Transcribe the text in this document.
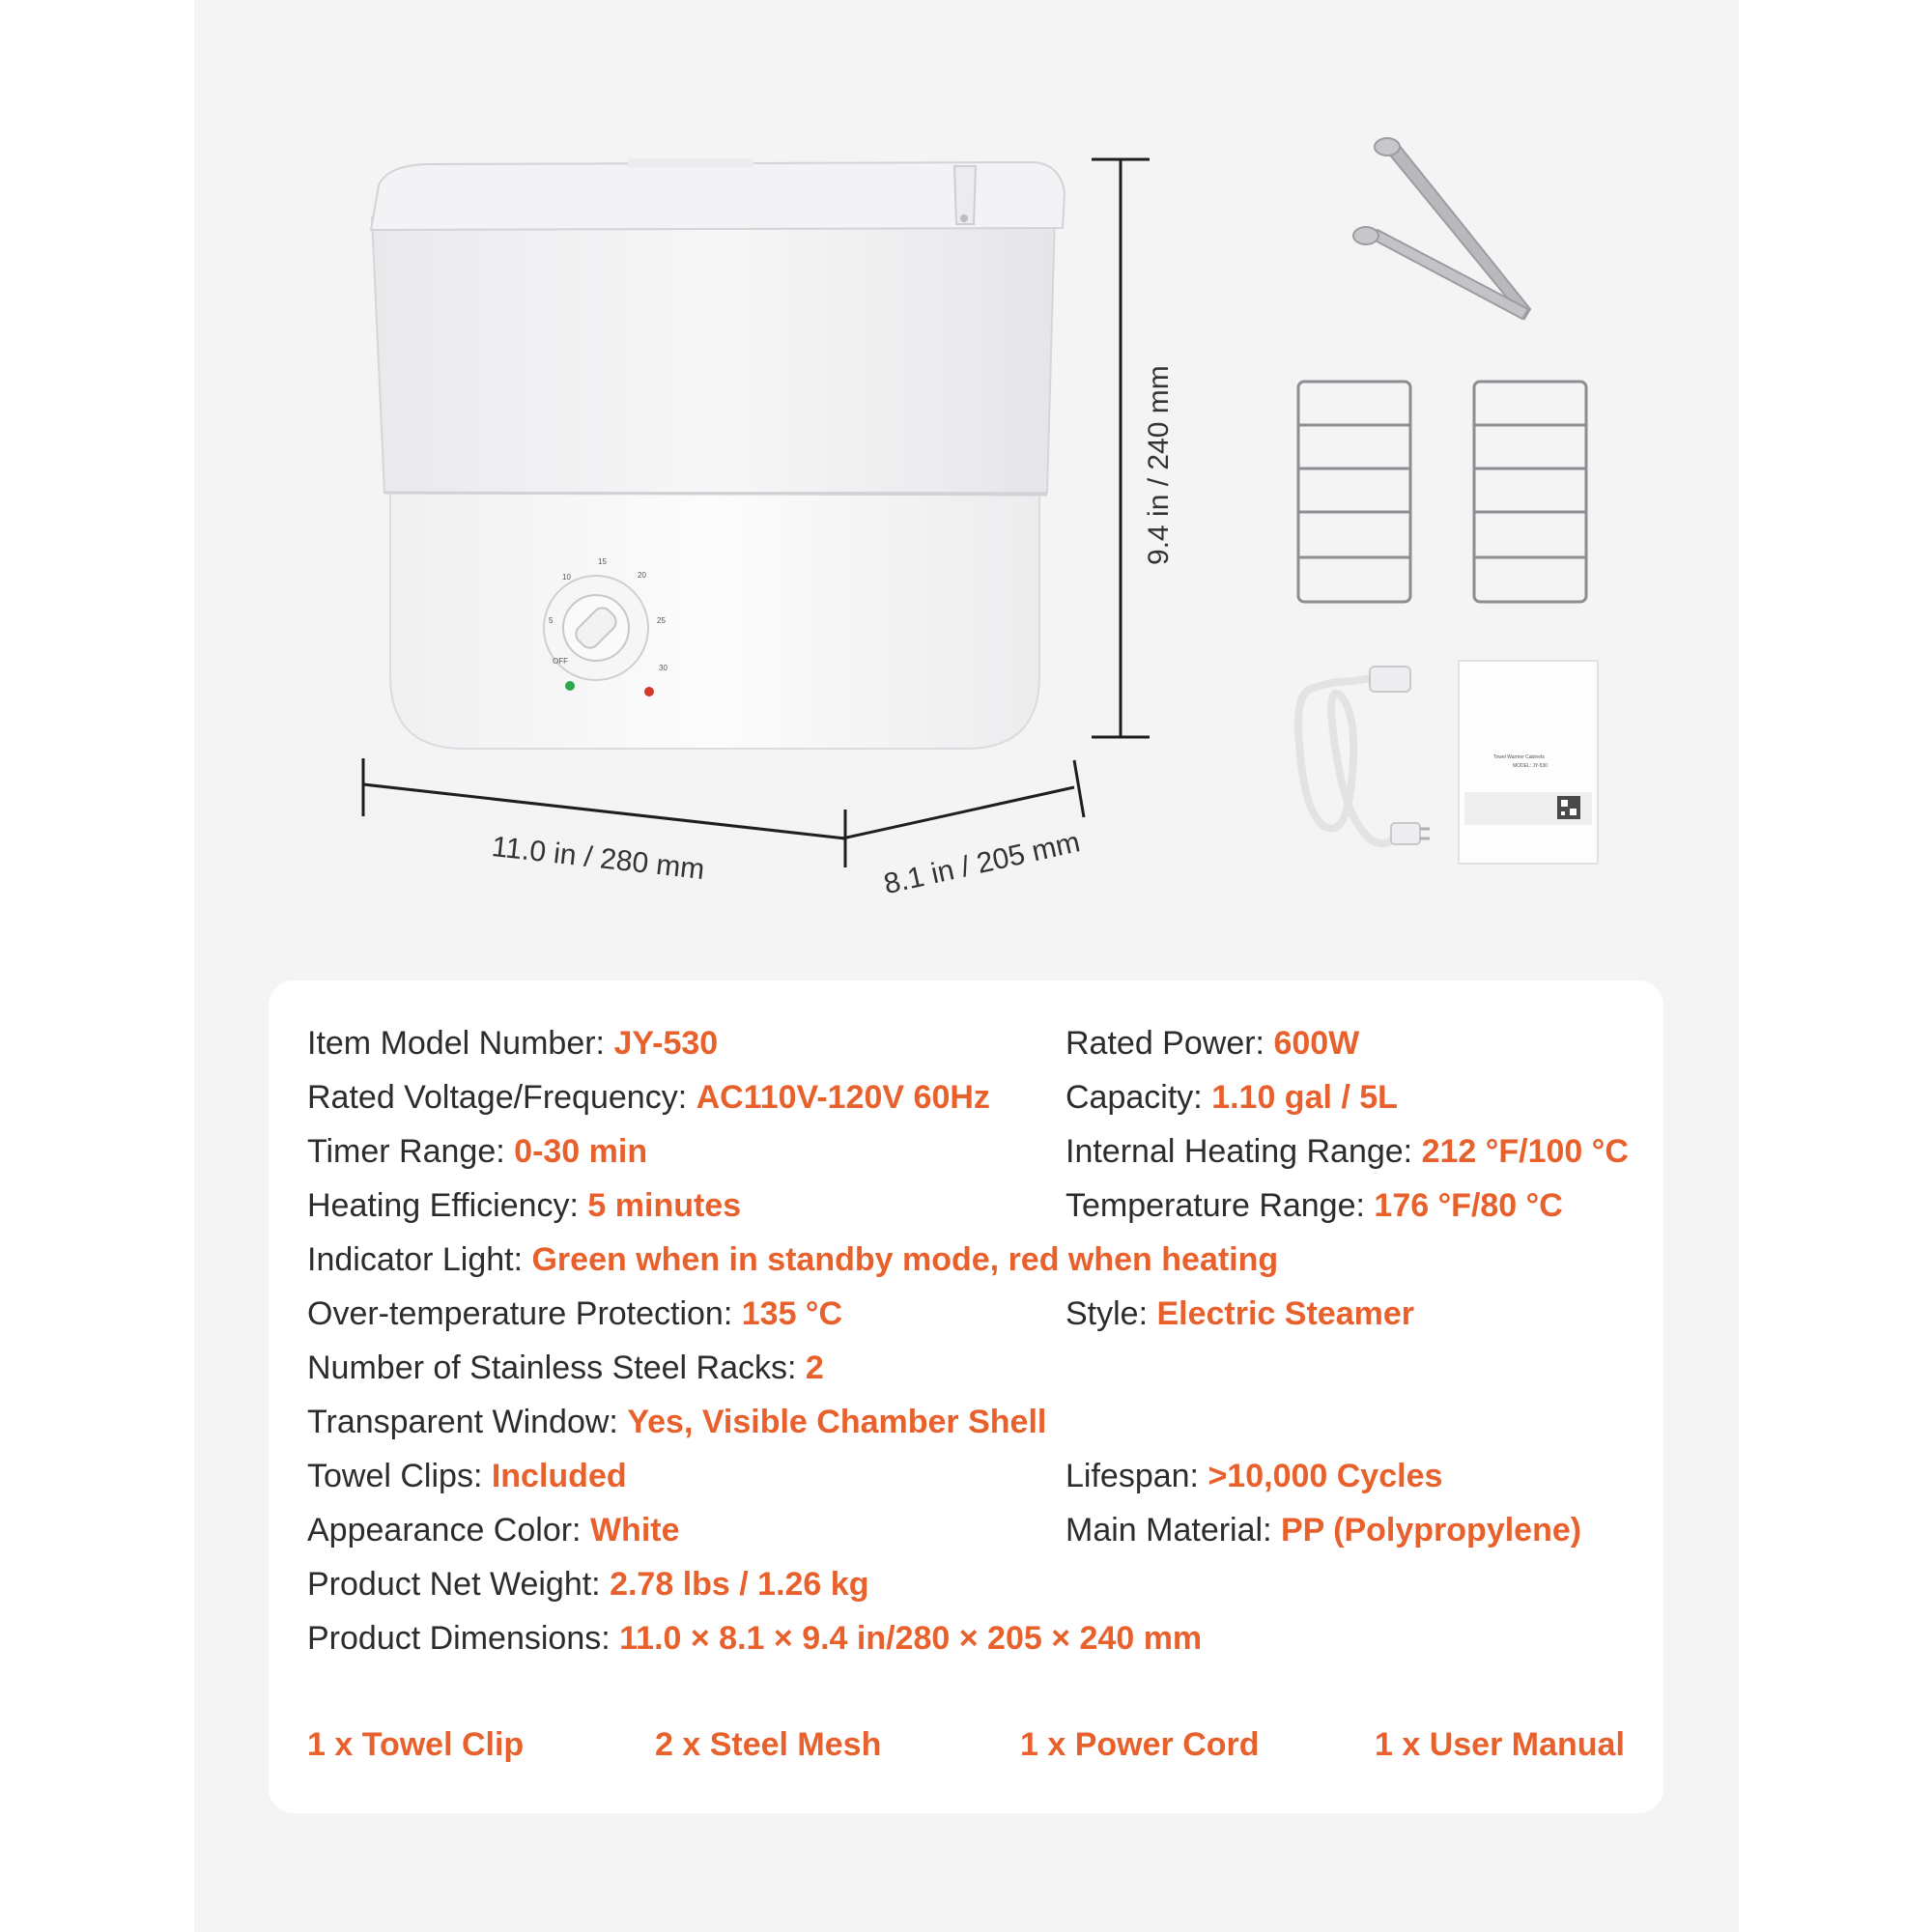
OFF
5
10
15
20
25
30
Towel Warmer Cabinets
MODEL: JY-530
11.0 in / 280 mm	8.1 in / 205 mm
9.4 in / 240 mm
Item Model Number: JY-530
Rated Voltage/Frequency: AC110V-120V 60Hz
Timer Range: 0-30 min
Heating Efficiency: 5 minutes
Indicator Light: Green when in standby mode, red when heating
Over-temperature Protection: 135 °C
Number of Stainless Steel Racks: 2
Transparent Window: Yes, Visible Chamber Shell
Towel Clips: Included
Appearance Color: White
Product Net Weight: 2.78 lbs / 1.26 kg
Product Dimensions: 11.0 × 8.1 × 9.4 in/280 × 205 × 240 mm
Rated Power: 600W
Capacity: 1.10 gal / 5L
Internal Heating Range: 212 °F/100 °C
Temperature Range: 176 °F/80 °C
Style: Electric Steamer
Lifespan: >10,000 Cycles
Main Material: PP (Polypropylene)
1 x Towel Clip	2 x Steel Mesh	1 x Power Cord	1 x User Manual
